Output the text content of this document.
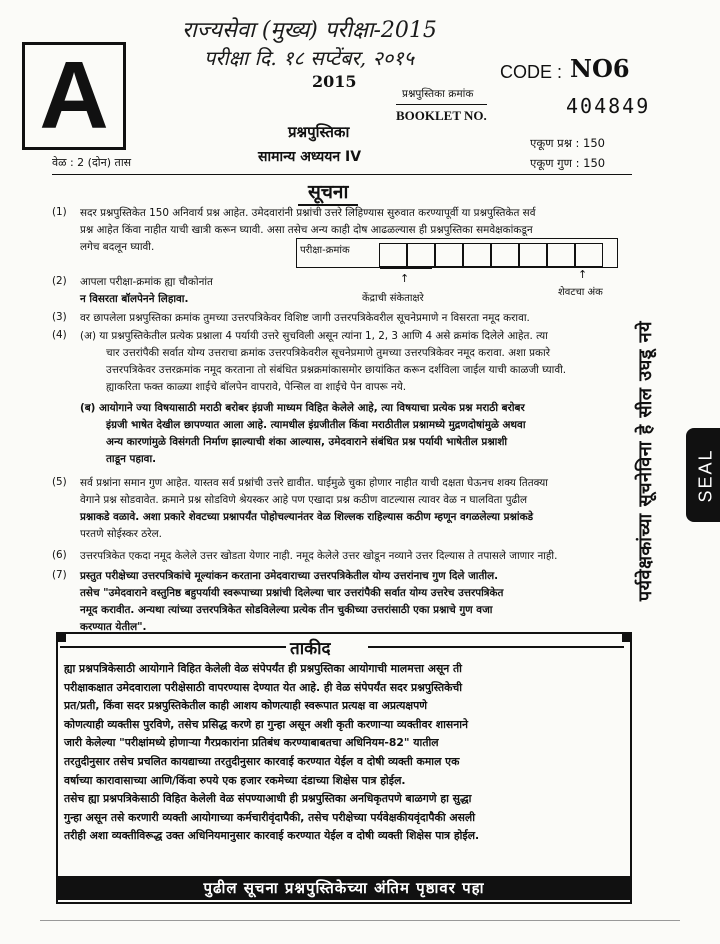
A
राज्यसेवा (मुख्य) परीक्षा-2015
परीक्षा दि. १८ सप्टेंबर, २०१५
2015	CODE : NO6
प्रश्नपुस्तिका क्रमांक
BOOKLET NO.	404849
प्रश्नपुस्तिका
सामान्य अध्ययन IV
एकूण प्रश्न : 150
एकूण गुण : 150
वेळ : 2 (दोन) तास
सूचना
(1) सदर प्रश्नपुस्तिकेत 150 अनिवार्य प्रश्न आहेत. उमेदवारांनी प्रश्नांची उत्तरे लिहिण्यास सुरुवात करण्यापूर्वी या प्रश्नपुस्तिकेत सर्व
प्रश्न आहेत किंवा नाहीत याची खात्री करून घ्यावी. असा तसेच अन्य काही दोष आढळल्यास ही प्रश्नपुस्तिका समवेक्षकांकडून
लगेच बदलून घ्यावी.	परीक्षा-क्रमांक
↑
केंद्राची संकेताक्षरे
↑
शेवटचा अंक
(2) आपला परीक्षा-क्रमांक ह्या चौकोनांत
न विसरता बॉलपेनने लिहावा.
(3) वर छापलेला प्रश्नपुस्तिका क्रमांक तुमच्या उत्तरपत्रिकेवर विशिष्ट जागी उत्तरपत्रिकेवरील सूचनेप्रमाणे न विसरता नमूद करावा.
(4) (अ) या प्रश्नपुस्तिकेतील प्रत्येक प्रश्नाला 4 पर्यायी उत्तरे सुचविली असून त्यांना 1, 2, 3 आणि 4 असे क्रमांक दिलेले आहेत. त्या
चार उत्तरांपैकी सर्वात योग्य उत्तराचा क्रमांक उत्तरपत्रिकेवरील सूचनेप्रमाणे तुमच्या उत्तरपत्रिकेवर नमूद करावा. अशा प्रकारे
उत्तरपत्रिकेवर उत्तरक्रमांक नमूद करताना तो संबंधित प्रश्नक्रमांकासमोर छायांकित करून दर्शविला जाईल याची काळजी घ्यावी.
ह्याकरिता फक्त काळ्या शाईचे बॉलपेन वापरावे, पेन्सिल वा शाईचे पेन वापरू नये.
(ब) आयोगाने ज्या विषयासाठी मराठी बरोबर इंग्रजी माध्यम विहित केलेले आहे, त्या विषयाचा प्रत्येक प्रश्न मराठी बरोबर
इंग्रजी भाषेत देखील छापण्यात आला आहे. त्यामधील इंग्रजीतील किंवा मराठीतील प्रश्नामध्ये मुद्रणदोषांमुळे अथवा
अन्य कारणांमुळे विसंगती निर्माण झाल्याची शंका आल्यास, उमेदवाराने संबंधित प्रश्न पर्यायी भाषेतील प्रश्नाशी
ताडून पहावा.
(5) सर्व प्रश्नांना समान गुण आहेत. यास्तव सर्व प्रश्नांची उत्तरे द्यावीत. घाईमुळे चुका होणार नाहीत याची दक्षता घेऊनच शक्य तितक्या
वेगाने प्रश्न सोडवावेत. क्रमाने प्रश्न सोडविणे श्रेयस्कर आहे पण एखादा प्रश्न कठीण वाटल्यास त्यावर वेळ न घालविता पुढील
प्रश्नाकडे वळावे. अशा प्रकारे शेवटच्या प्रश्नापर्यंत पोहोचल्यानंतर वेळ शिल्लक राहिल्यास कठीण म्हणून वगळलेल्या प्रश्नांकडे
परतणे सोईस्कर ठरेल.
(6) उत्तरपत्रिकेत एकदा नमूद केलेले उत्तर खोडता येणार नाही. नमूद केलेले उत्तर खोडून नव्याने उत्तर दिल्यास ते तपासले जाणार नाही.
(7) प्रस्तुत परीक्षेच्या उत्तरपत्रिकांचे मूल्यांकन करताना उमेदवाराच्या उत्तरपत्रिकेतील योग्य उत्तरांनाच गुण दिले जातील.
तसेच "उमेदवाराने वस्तुनिष्ठ बहुपर्यायी स्वरूपाच्या प्रश्नांची दिलेल्या चार उत्तरांपैकी सर्वात योग्य उत्तरेच उत्तरपत्रिकेत
नमूद करावीत. अन्यथा त्यांच्या उत्तरपत्रिकेत सोडविलेल्या प्रत्येक तीन चुकीच्या उत्तरांसाठी एका प्रश्नाचे गुण वजा
करण्यात येतील".
पर्यवेक्षकांच्या सूचनेविना हे सील उघडू नये SEAL
ताकीद
ह्या प्रश्नपत्रिकेसाठी आयोगाने विहित केलेली वेळ संपेपर्यंत ही प्रश्नपुस्तिका आयोगाची मालमत्ता असून ती
परीक्षाकक्षात उमेदवाराला परीक्षेसाठी वापरण्यास देण्यात येत आहे. ही वेळ संपेपर्यंत सदर प्रश्नपुस्तिकेची
प्रत/प्रती, किंवा सदर प्रश्नपुस्तिकेतील काही आशय कोणत्याही स्वरूपात प्रत्यक्ष वा अप्रत्यक्षपणे
कोणत्याही व्यक्तीस पुरविणे, तसेच प्रसिद्ध करणे हा गुन्हा असून अशी कृती करणाऱ्या व्यक्तीवर शासनाने
जारी केलेल्या "परीक्षांमध्ये होणाऱ्या गैरप्रकारांना प्रतिबंध करण्याबाबतचा अधिनियम-82" यातील
तरतुदीनुसार तसेच प्रचलित कायद्याच्या तरतुदीनुसार कारवाई करण्यात येईल व दोषी व्यक्ती कमाल एक
वर्षाच्या कारावासाच्या आणि/किंवा रुपये एक हजार रकमेच्या दंडाच्या शिक्षेस पात्र होईल.
तसेच ह्या प्रश्नपत्रिकेसाठी विहित केलेली वेळ संपण्याआधी ही प्रश्नपुस्तिका अनधिकृतपणे बाळगणे हा सुद्धा
गुन्हा असून तसे करणारी व्यक्ती आयोगाच्या कर्मचारीवृंदापैकी, तसेच परीक्षेच्या पर्यवेक्षकीयवृंदापैकी असली
तरीही अशा व्यक्तीविरूद्ध उक्त अधिनियमानुसार कारवाई करण्यात येईल व दोषी व्यक्ती शिक्षेस पात्र होईल.
पुढील सूचना प्रश्नपुस्तिकेच्या अंतिम पृष्ठावर पहा
